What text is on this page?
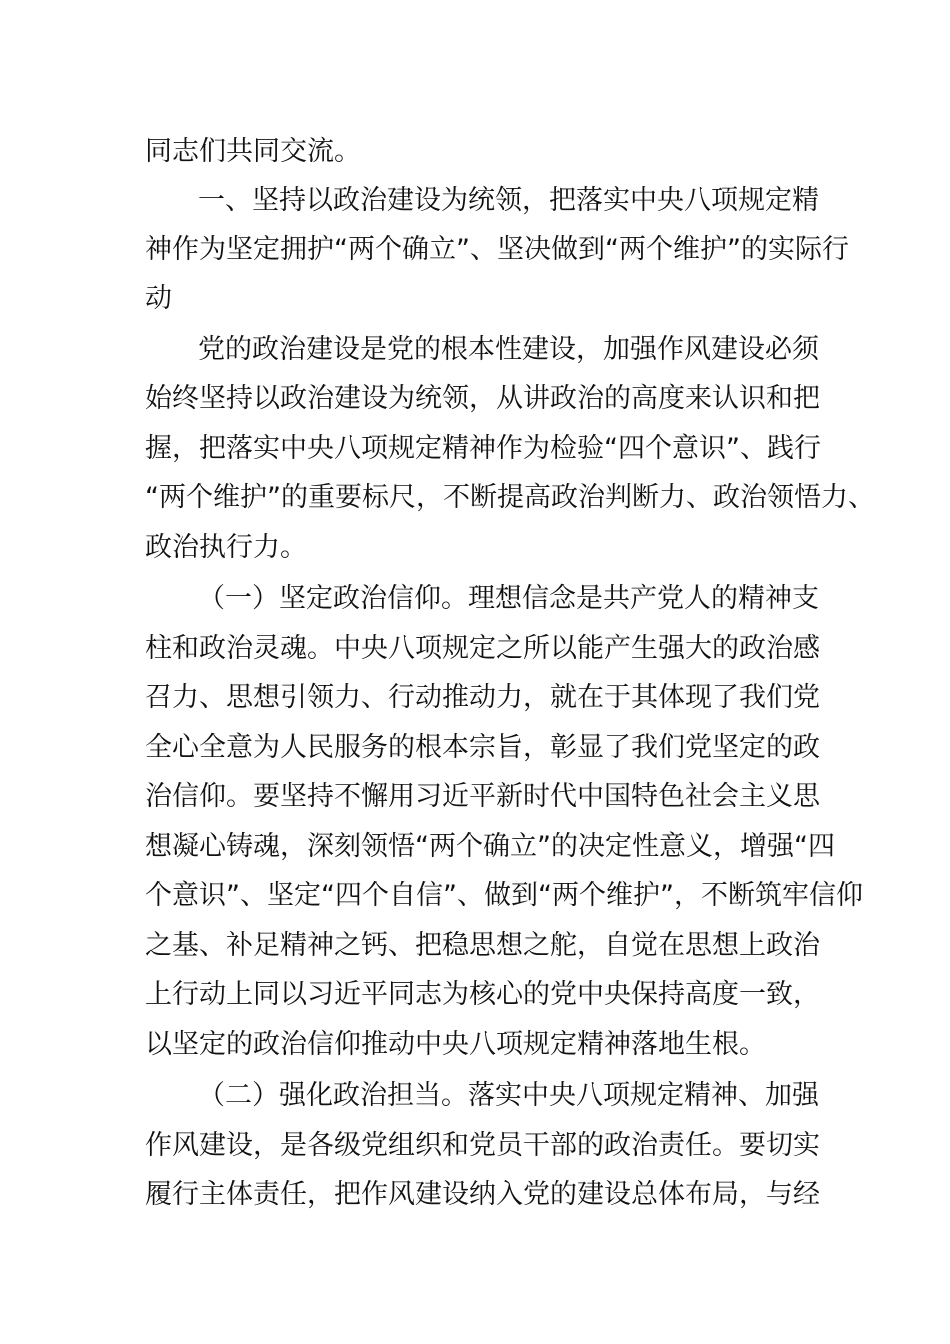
同志们共同交流。

一、坚持以政治建设为统领，把落实中央八项规定精

神作为坚定拥护“两个确立”、坚决做到“两个维护”的实际行

动

党的政治建设是党的根本性建设，加强作风建设必须

始终坚持以政治建设为统领，从讲政治的高度来认识和把

握，把落实中央八项规定精神作为检验“四个意识”、践行

“两个维护”的重要标尺，不断提高政治判断力、政治领悟力、

政治执行力。

（一）坚定政治信仰。理想信念是共产党人的精神支

柱和政治灵魂。中央八项规定之所以能产生强大的政治感

召力、思想引领力、行动推动力，就在于其体现了我们党

全心全意为人民服务的根本宗旨，彰显了我们党坚定的政

治信仰。要坚持不懈用习近平新时代中国特色社会主义思

想凝心铸魂，深刻领悟“两个确立”的决定性意义，增强“四

个意识”、坚定“四个自信”、做到“两个维护”，不断筑牢信仰

之基、补足精神之钙、把稳思想之舵，自觉在思想上政治

上行动上同以习近平同志为核心的党中央保持高度一致，

以坚定的政治信仰推动中央八项规定精神落地生根。

（二）强化政治担当。落实中央八项规定精神、加强

作风建设，是各级党组织和党员干部的政治责任。要切实

履行主体责任，把作风建设纳入党的建设总体布局，与经
